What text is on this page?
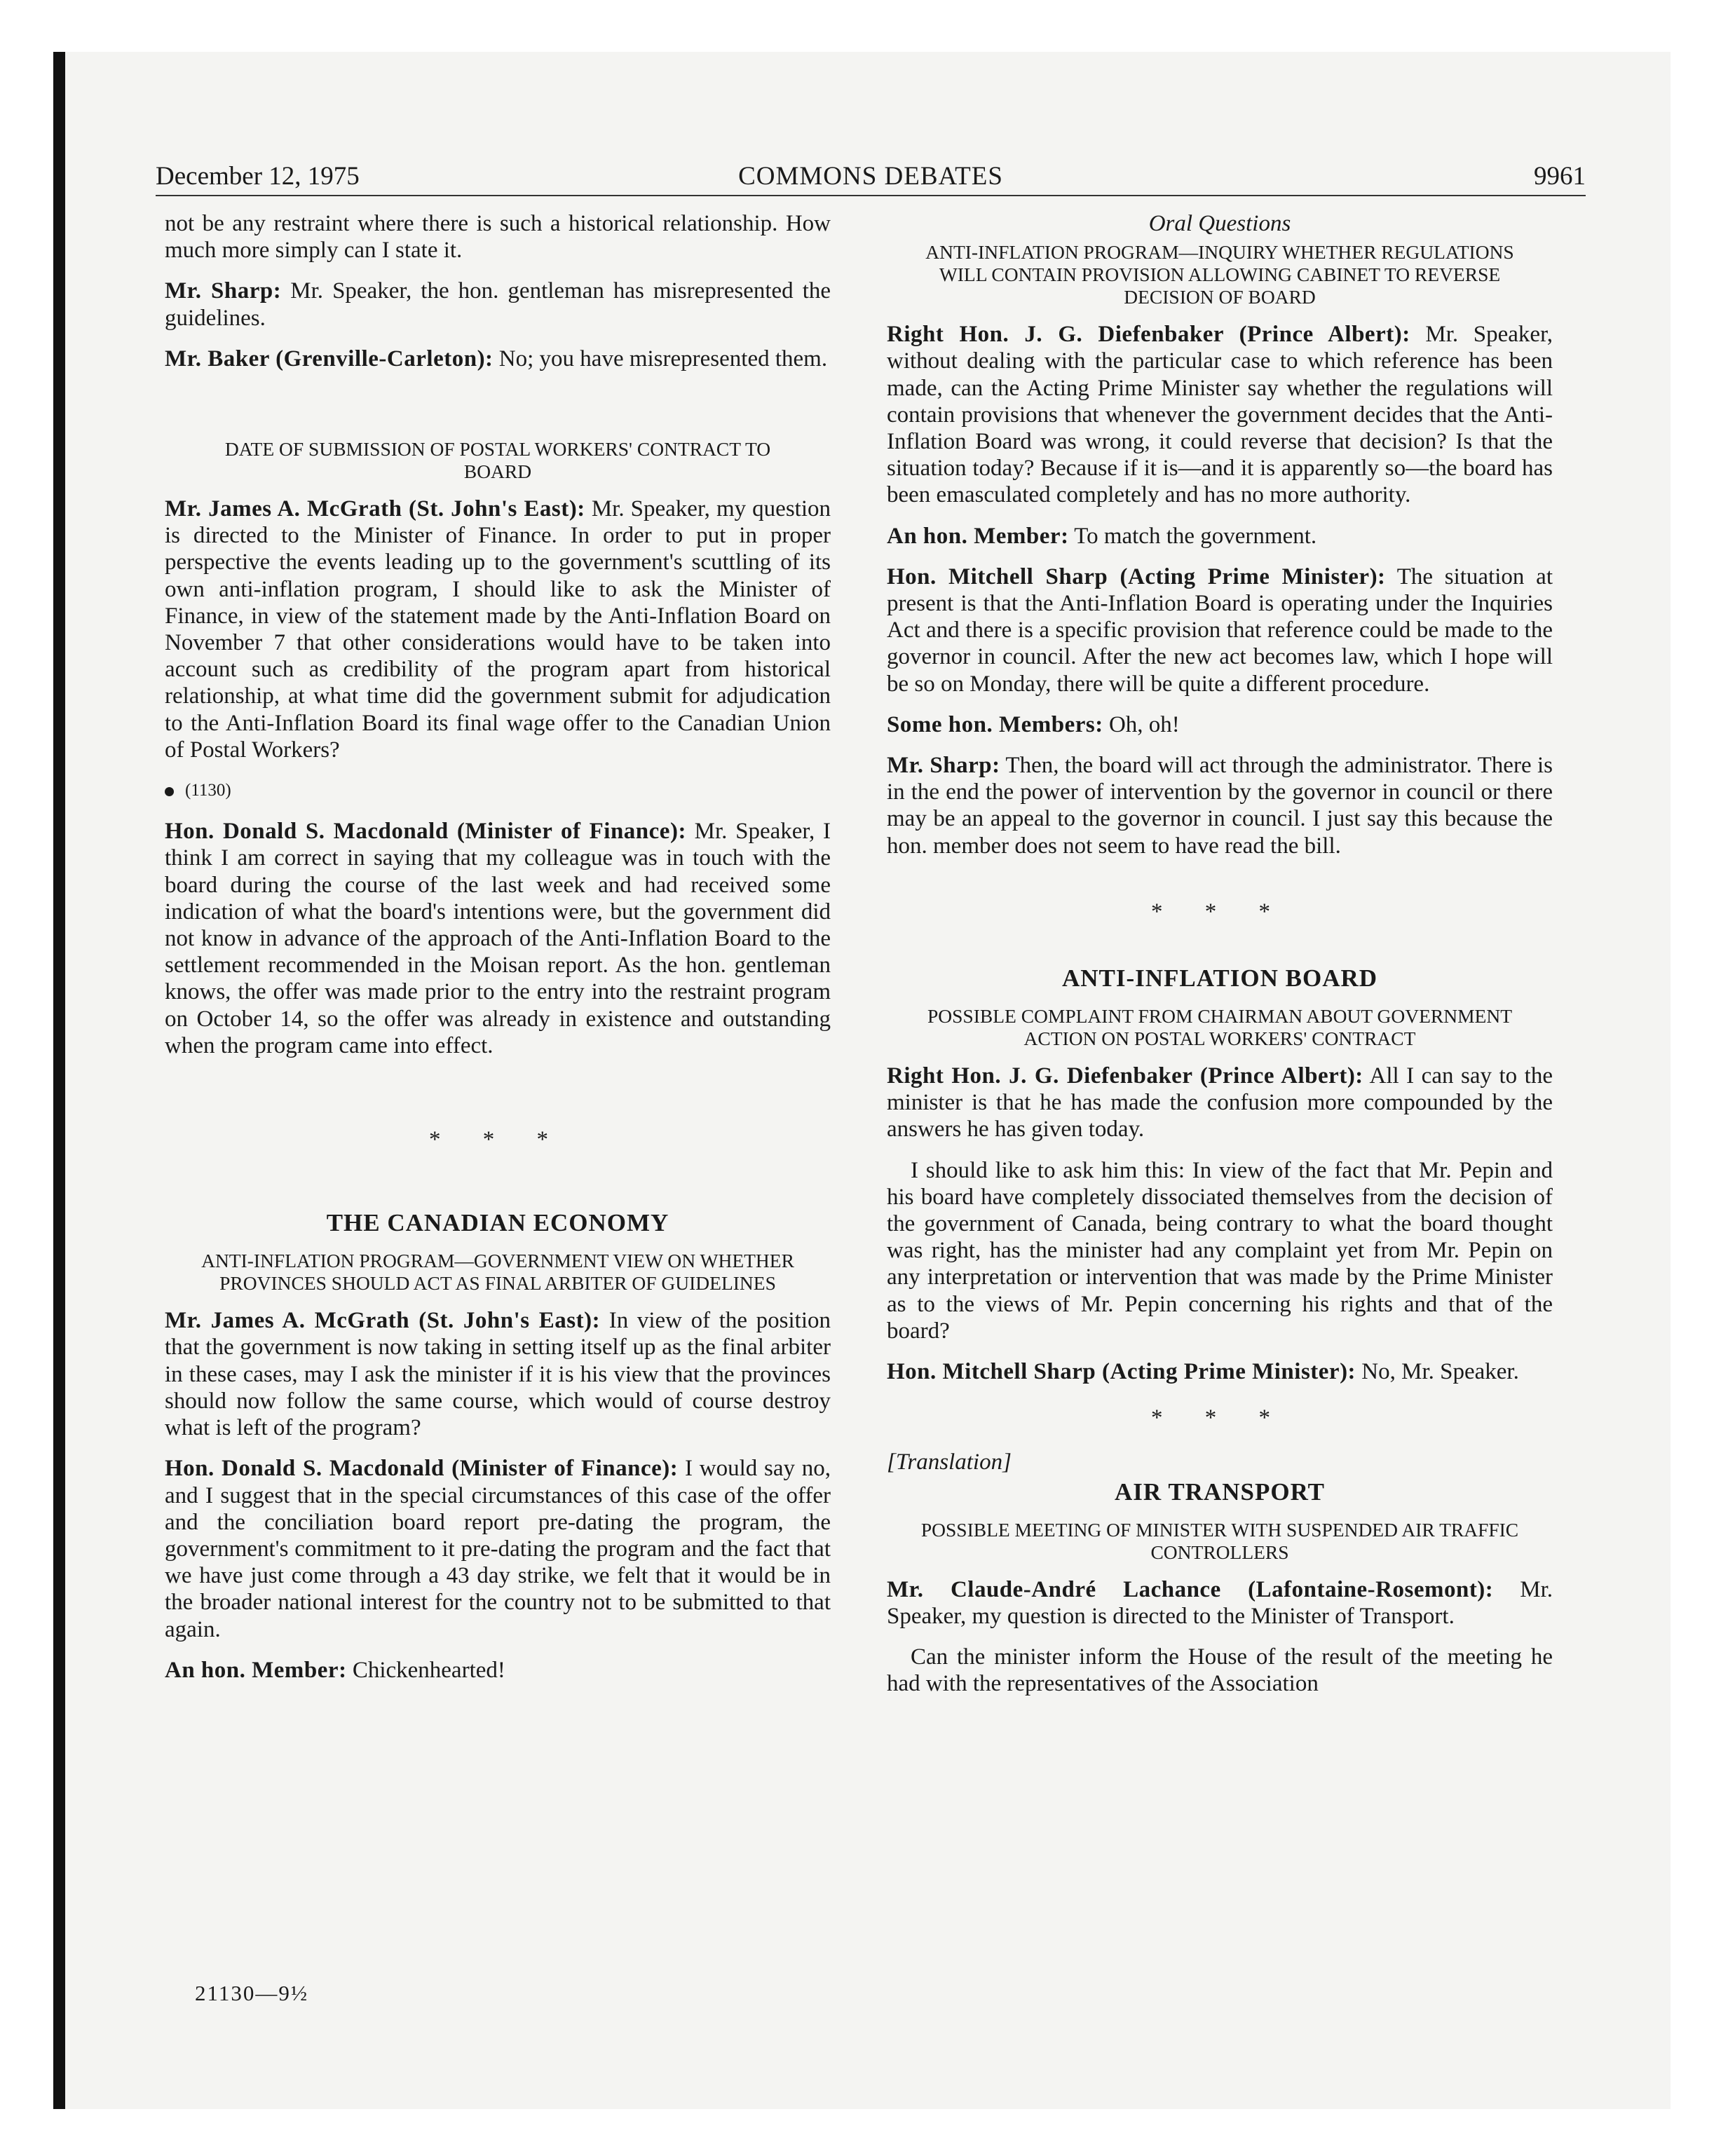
December 12, 1975	COMMONS DEBATES	9961

not be any restraint where there is such a historical relationship. How much more simply can I state it.

Mr. Sharp: Mr. Speaker, the hon. gentleman has misrepresented the guidelines.

Mr. Baker (Grenville-Carleton): No; you have misrepresented them.

DATE OF SUBMISSION OF POSTAL WORKERS' CONTRACT TO BOARD

Mr. James A. McGrath (St. John's East): Mr. Speaker, my question is directed to the Minister of Finance. In order to put in proper perspective the events leading up to the government's scuttling of its own anti-inflation program, I should like to ask the Minister of Finance, in view of the statement made by the Anti-Inflation Board on November 7 that other considerations would have to be taken into account such as credibility of the program apart from historical relationship, at what time did the government submit for adjudication to the Anti-Inflation Board its final wage offer to the Canadian Union of Postal Workers?

(1130)

Hon. Donald S. Macdonald (Minister of Finance): Mr. Speaker, I think I am correct in saying that my colleague was in touch with the board during the course of the last week and had received some indication of what the board's intentions were, but the government did not know in advance of the approach of the Anti-Inflation Board to the settlement recommended in the Moisan report. As the hon. gentleman knows, the offer was made prior to the entry into the restraint program on October 14, so the offer was already in existence and outstanding when the program came into effect.

* * *
THE CANADIAN ECONOMY
ANTI-INFLATION PROGRAM—GOVERNMENT VIEW ON WHETHER PROVINCES SHOULD ACT AS FINAL ARBITER OF GUIDELINES

Mr. James A. McGrath (St. John's East): In view of the position that the government is now taking in setting itself up as the final arbiter in these cases, may I ask the minister if it is his view that the provinces should now follow the same course, which would of course destroy what is left of the program?

Hon. Donald S. Macdonald (Minister of Finance): I would say no, and I suggest that in the special circumstances of this case of the offer and the conciliation board report pre-dating the program, the government's commitment to it pre-dating the program and the fact that we have just come through a 43 day strike, we felt that it would be in the broader national interest for the country not to be submitted to that again.

An hon. Member: Chickenhearted!

Oral Questions
ANTI-INFLATION PROGRAM—INQUIRY WHETHER REGULATIONS WILL CONTAIN PROVISION ALLOWING CABINET TO REVERSE DECISION OF BOARD

Right Hon. J. G. Diefenbaker (Prince Albert): Mr. Speaker, without dealing with the particular case to which reference has been made, can the Acting Prime Minister say whether the regulations will contain provisions that whenever the government decides that the Anti-Inflation Board was wrong, it could reverse that decision? Is that the situation today? Because if it is—and it is apparently so—the board has been emasculated completely and has no more authority.

An hon. Member: To match the government.

Hon. Mitchell Sharp (Acting Prime Minister): The situation at present is that the Anti-Inflation Board is operating under the Inquiries Act and there is a specific provision that reference could be made to the governor in council. After the new act becomes law, which I hope will be so on Monday, there will be quite a different procedure.

Some hon. Members: Oh, oh!

Mr. Sharp: Then, the board will act through the administrator. There is in the end the power of intervention by the governor in council or there may be an appeal to the governor in council. I just say this because the hon. member does not seem to have read the bill.

* * *
ANTI-INFLATION BOARD
POSSIBLE COMPLAINT FROM CHAIRMAN ABOUT GOVERNMENT ACTION ON POSTAL WORKERS' CONTRACT

Right Hon. J. G. Diefenbaker (Prince Albert): All I can say to the minister is that he has made the confusion more compounded by the answers he has given today.

I should like to ask him this: In view of the fact that Mr. Pepin and his board have completely dissociated themselves from the decision of the government of Canada, being contrary to what the board thought was right, has the minister had any complaint yet from Mr. Pepin on any interpretation or intervention that was made by the Prime Minister as to the views of Mr. Pepin concerning his rights and that of the board?

Hon. Mitchell Sharp (Acting Prime Minister): No, Mr. Speaker.

* * *
[Translation]
AIR TRANSPORT
POSSIBLE MEETING OF MINISTER WITH SUSPENDED AIR TRAFFIC CONTROLLERS

Mr. Claude-André Lachance (Lafontaine-Rosemont): Mr. Speaker, my question is directed to the Minister of Transport.

Can the minister inform the House of the result of the meeting he had with the representatives of the Association

21130—9½
